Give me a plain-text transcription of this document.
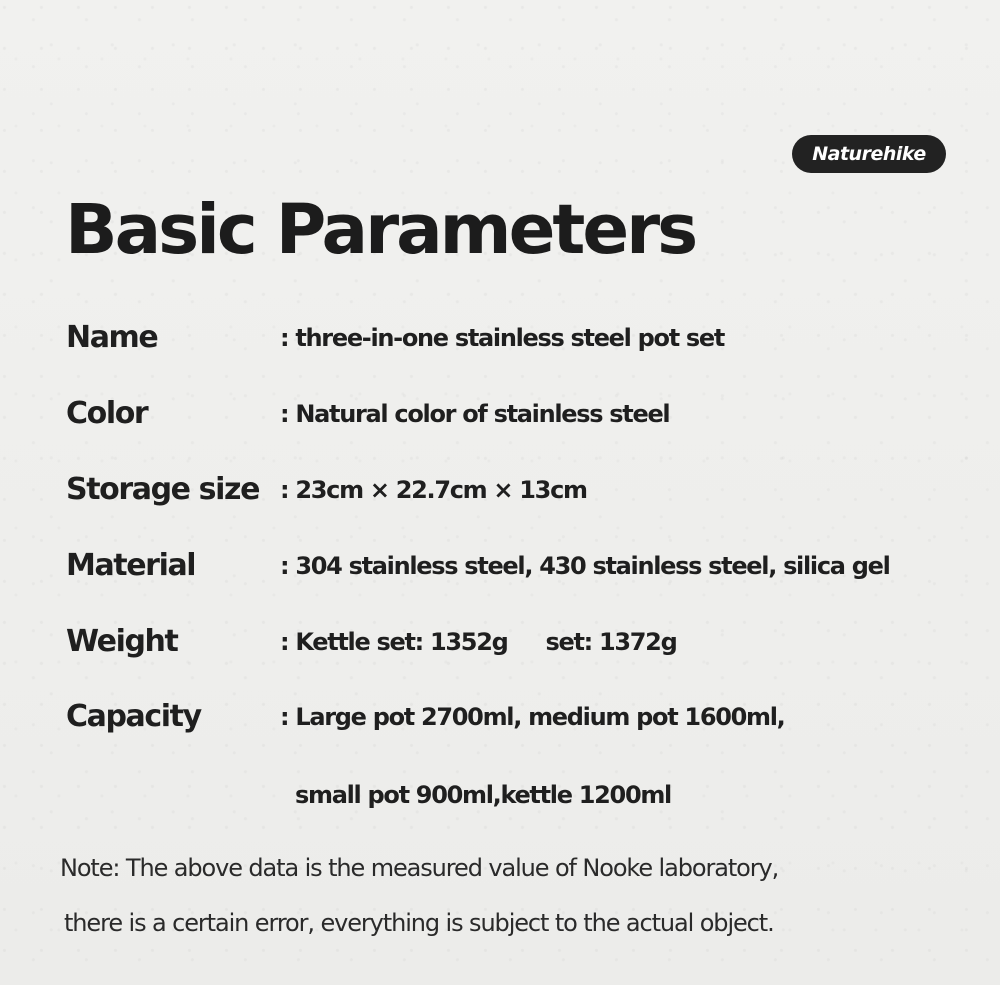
Naturehike
Basic Parameters
Name	: three-in-one stainless steel pot set
Color	: Natural color of stainless steel
Storage size : 23cm × 22.7cm × 13cm
Material	: 304 stainless steel, 430 stainless steel, silica gel
Weight	: Kettle set: 1352g set: 1372g
Capacity	: Large pot 2700ml, medium pot 1600ml,
small pot 900ml,kettle 1200ml
Note: The above data is the measured value of Nooke laboratory,
there is a certain error, everything is subject to the actual object.
